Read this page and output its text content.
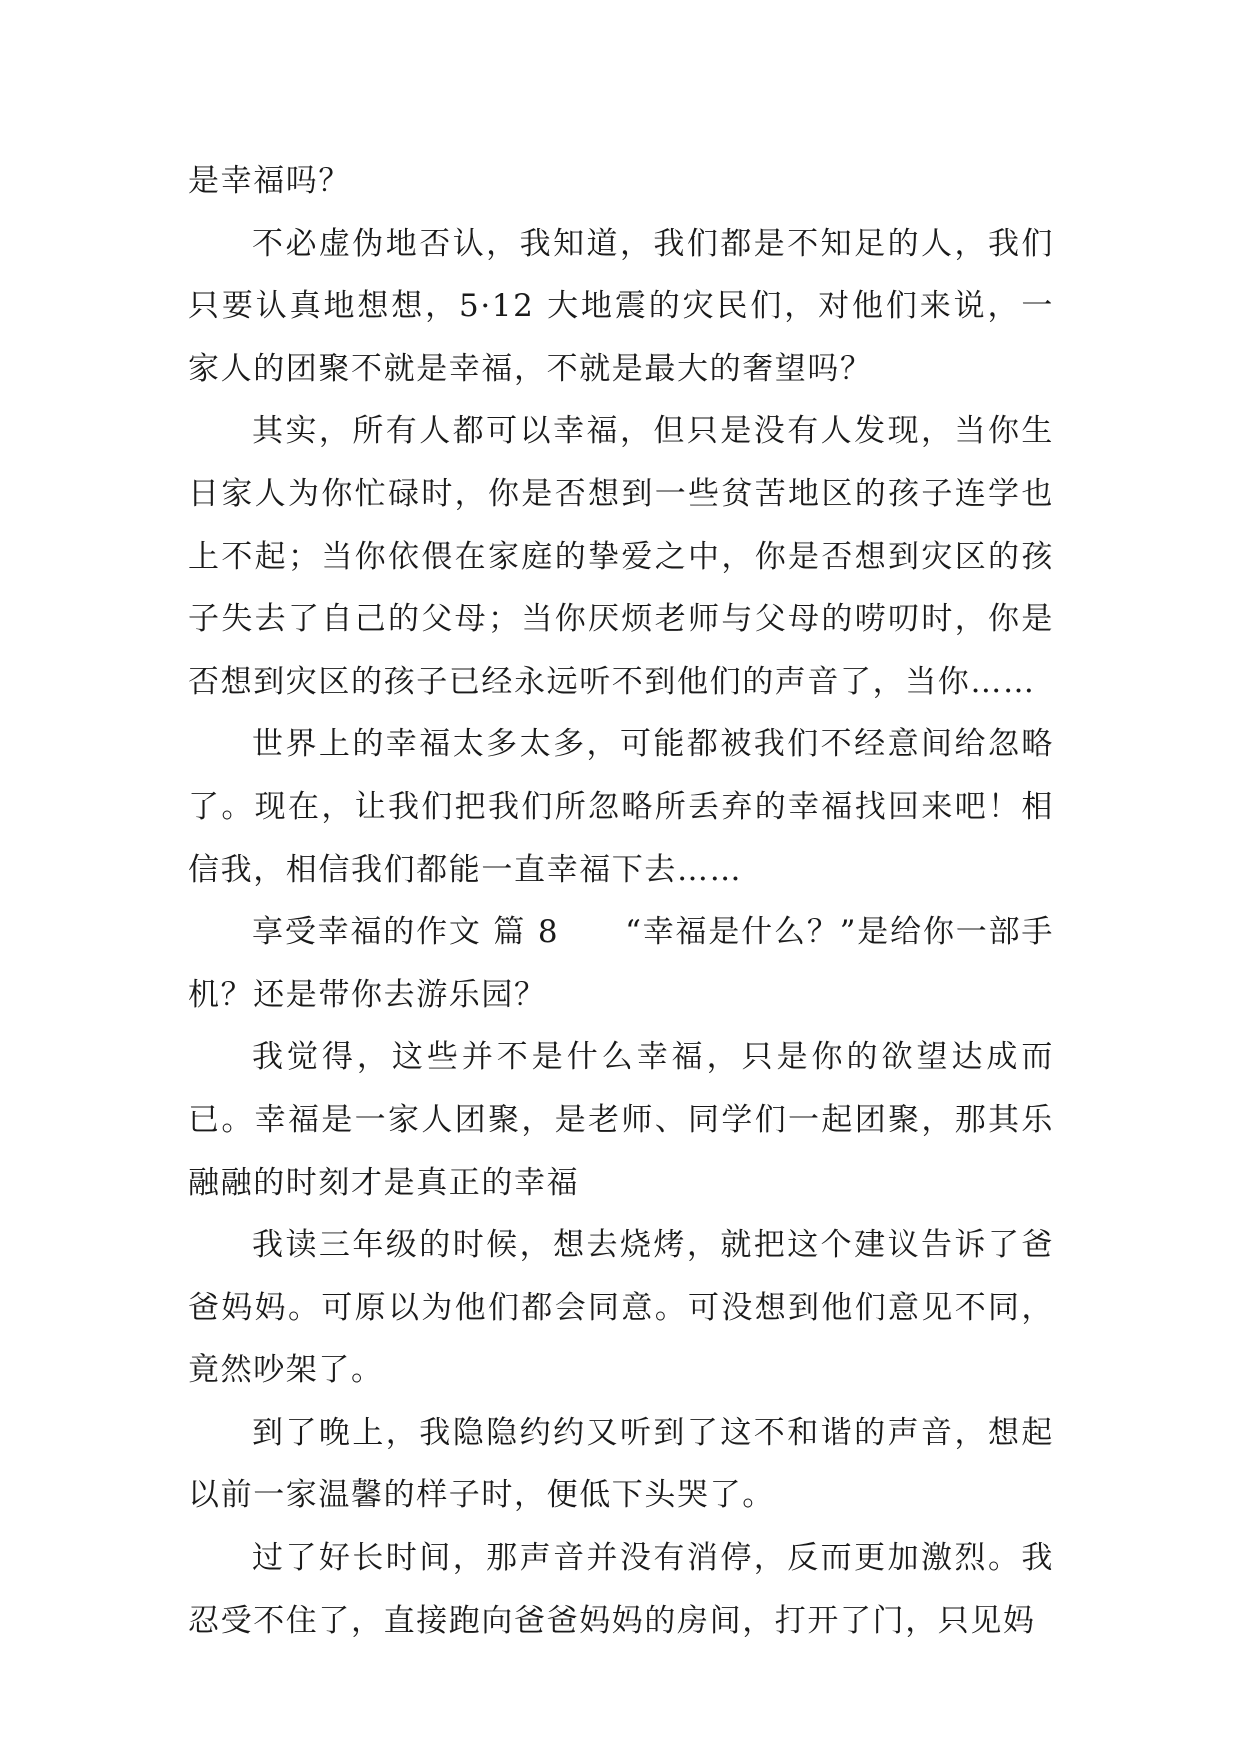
是幸福吗？

不必虚伪地否认，我知道，我们都是不知足的人，我们只要认真地想想，5·12 大地震的灾民们，对他们来说，一家人的团聚不就是幸福，不就是最大的奢望吗？

其实，所有人都可以幸福，但只是没有人发现，当你生日家人为你忙碌时，你是否想到一些贫苦地区的孩子连学也上不起；当你依偎在家庭的挚爱之中，你是否想到灾区的孩子失去了自己的父母；当你厌烦老师与父母的唠叨时，你是否想到灾区的孩子已经永远听不到他们的声音了，当你……

世界上的幸福太多太多，可能都被我们不经意间给忽略了。现在，让我们把我们所忽略所丢弃的幸福找回来吧！相信我，相信我们都能一直幸福下去……

享受幸福的作文 篇 8　　“幸福是什么？”是给你一部手机？还是带你去游乐园？

我觉得，这些并不是什么幸福，只是你的欲望达成而已。幸福是一家人团聚，是老师、同学们一起团聚，那其乐融融的时刻才是真正的幸福

我读三年级的时候，想去烧烤，就把这个建议告诉了爸爸妈妈。可原以为他们都会同意。可没想到他们意见不同，竟然吵架了。

到了晚上，我隐隐约约又听到了这不和谐的声音，想起以前一家温馨的样子时，便低下头哭了。

过了好长时间，那声音并没有消停，反而更加激烈。我忍受不住了，直接跑向爸爸妈妈的房间，打开了门，只见妈
